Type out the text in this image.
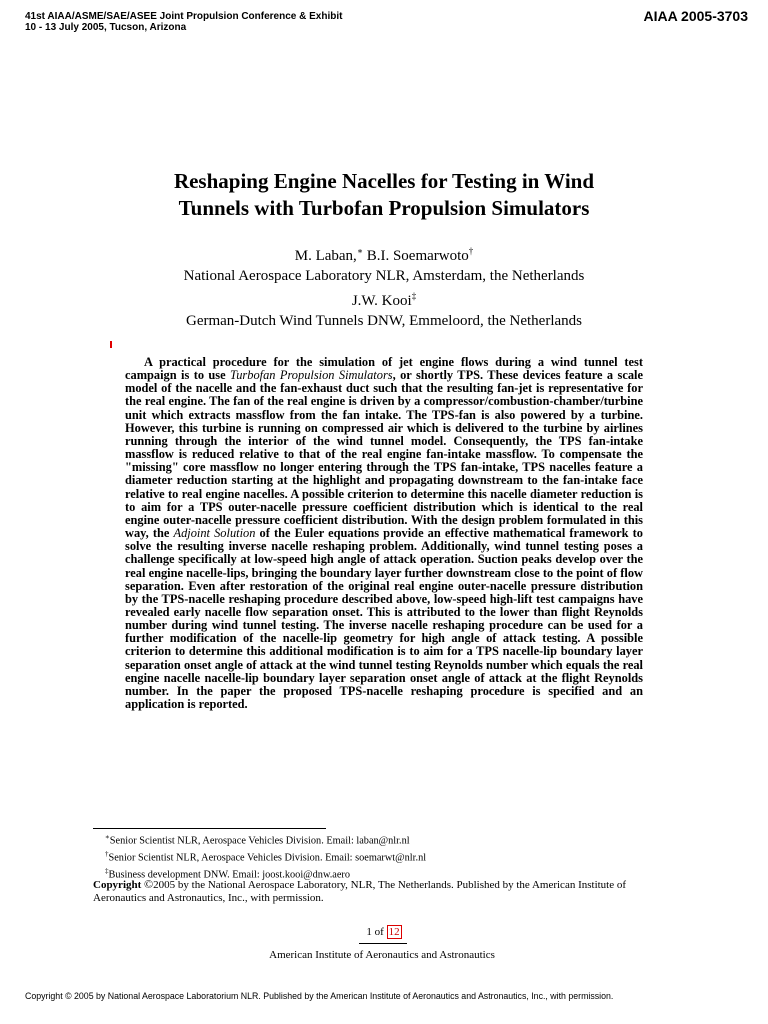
41st AIAA/ASME/SAE/ASEE Joint Propulsion Conference & Exhibit
10 - 13 July 2005, Tucson, Arizona
AIAA 2005-3703
Reshaping Engine Nacelles for Testing in Wind
Tunnels with Turbofan Propulsion Simulators
M. Laban,∗ B.I. Soemarwoto†
National Aerospace Laboratory NLR, Amsterdam, the Netherlands
J.W. Kooi‡
German-Dutch Wind Tunnels DNW, Emmeloord, the Netherlands

A practical procedure for the simulation of jet engine flows during a wind tunnel test campaign is to use Turbofan Propulsion Simulators, or shortly TPS. These devices feature a scale model of the nacelle and the fan-exhaust duct such that the resulting fan-jet is representative for the real engine. The fan of the real engine is driven by a compressor/combustion-chamber/turbine unit which extracts massflow from the fan intake. The TPS-fan is also powered by a turbine. However, this turbine is running on compressed air which is delivered to the turbine by airlines running through the interior of the wind tunnel model. Consequently, the TPS fan-intake massflow is reduced relative to that of the real engine fan-intake massflow. To compensate the "missing" core massflow no longer entering through the TPS fan-intake, TPS nacelles feature a diameter reduction starting at the highlight and propagating downstream to the fan-intake face relative to real engine nacelles. A possible criterion to determine this nacelle diameter reduction is to aim for a TPS outer-nacelle pressure coefficient distribution which is identical to the real engine outer-nacelle pressure coefficient distribution. With the design problem formulated in this way, the Adjoint Solution of the Euler equations provide an effective mathematical framework to solve the resulting inverse nacelle reshaping problem. Additionally, wind tunnel testing poses a challenge specifically at low-speed high angle of attack operation. Suction peaks develop over the real engine nacelle-lips, bringing the boundary layer further downstream close to the point of flow separation. Even after restoration of the original real engine outer-nacelle pressure distribution by the TPS-nacelle reshaping procedure described above, low-speed high-lift test campaigns have revealed early nacelle flow separation onset. This is attributed to the lower than flight Reynolds number during wind tunnel testing. The inverse nacelle reshaping procedure can be used for a further modification of the nacelle-lip geometry for high angle of attack testing. A possible criterion to determine this additional modification is to aim for a TPS nacelle-lip boundary layer separation onset angle of attack at the wind tunnel testing Reynolds number which equals the real engine nacelle nacelle-lip boundary layer separation onset angle of attack at the flight Reynolds number. In the paper the proposed TPS-nacelle reshaping procedure is specified and an application is reported.

∗Senior Scientist NLR, Aerospace Vehicles Division. Email: laban@nlr.nl
†Senior Scientist NLR, Aerospace Vehicles Division. Email: soemarwt@nlr.nl
‡Business development DNW. Email: joost.kooi@dnw.aero
Copyright ©2005 by the National Aerospace Laboratory, NLR, The Netherlands. Published by the American Institute of Aeronautics and Astronautics, Inc., with permission.
1 of 12
American Institute of Aeronautics and Astronautics
Copyright © 2005 by National Aerospace Laboratorium NLR. Published by the American Institute of Aeronautics and Astronautics, Inc., with permission.
